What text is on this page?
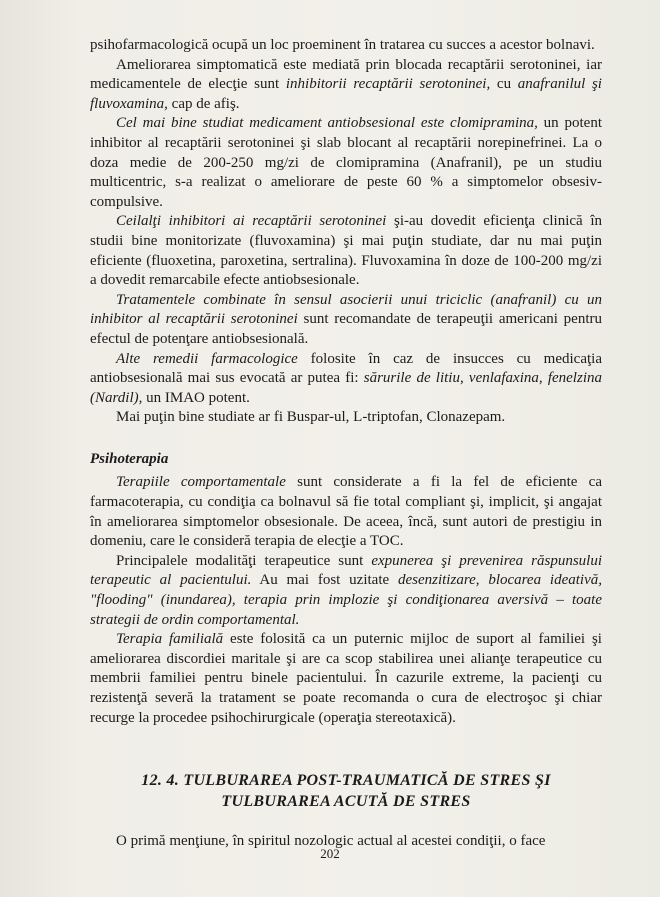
psihofarmacologică ocupă un loc proeminent în tratarea cu succes a acestor bolnavi.

Ameliorarea simptomatică este mediată prin blocada recaptării serotoninei, iar medicamentele de elecţie sunt inhibitorii recaptării serotoninei, cu anafranilul şi fluvoxamina, cap de afiş.

Cel mai bine studiat medicament antiobsesional este clomipramina, un potent inhibitor al recaptării serotoninei şi slab blocant al recaptării norepinefrinei. La o doza medie de 200-250 mg/zi de clomipramina (Anafranil), pe un studiu multicentric, s-a realizat o ameliorare de peste 60 % a simptomelor obsesiv-compulsive.

Ceilalţi inhibitori ai recaptării serotoninei şi-au dovedit eficienţa clinică în studii bine monitorizate (fluvoxamina) şi mai puţin studiate, dar nu mai puţin eficiente (fluoxetina, paroxetina, sertralina). Fluvoxamina în doze de 100-200 mg/zi a dovedit remarcabile efecte antiobsesionale.

Tratamentele combinate în sensul asocierii unui triciclic (anafranil) cu un inhibitor al recaptării serotoninei sunt recomandate de terapeuţii americani pentru efectul de potenţare antiobsesională.

Alte remedii farmacologice folosite în caz de insucces cu medicaţia antiobsesională mai sus evocată ar putea fi: sărurile de litiu, venlafaxina, fenelzina (Nardil), un IMAO potent.

Mai puţin bine studiate ar fi Buspar-ul, L-triptofan, Clonazepam.

Psihoterapia

Terapiile comportamentale sunt considerate a fi la fel de eficiente ca farmacoterapia, cu condiţia ca bolnavul să fie total compliant şi, implicit, şi angajat în ameliorarea simptomelor obsesionale. De aceea, încă, sunt autori de prestigiu in domeniu, care le consideră terapia de elecţie a TOC.

Principalele modalităţi terapeutice sunt expunerea şi prevenirea răspunsului terapeutic al pacientului. Au mai fost uzitate desenzitizare, blocarea ideativă, "flooding" (inundarea), terapia prin implozie şi condiţionarea aversivă – toate strategii de ordin comportamental.

Terapia familială este folosită ca un puternic mijloc de suport al familiei şi ameliorarea discordiei maritale şi are ca scop stabilirea unei alianţe terapeutice cu membrii familiei pentru binele pacientului. În cazurile extreme, la pacienţi cu rezistenţă severă la tratament se poate recomanda o cura de electroşoc şi chiar recurge la procedee psihochirurgicale (operaţia stereotaxică).

12. 4. TULBURAREA POST-TRAUMATICĂ DE STRES ŞI
TULBURAREA ACUTĂ DE STRES

O primă menţiune, în spiritul nozologic actual al acestei condiţii, o face

202
